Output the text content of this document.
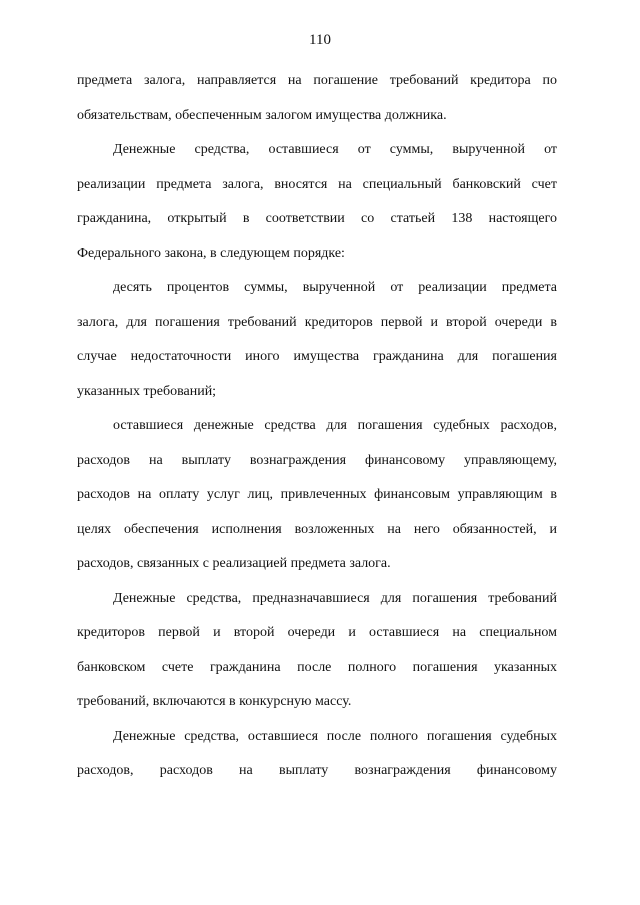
110
предмета залога, направляется на погашение требований кредитора по
обязательствам, обеспеченным залогом имущества должника.
Денежные средства, оставшиеся от суммы, вырученной от
реализации предмета залога, вносятся на специальный банковский счет
гражданина, открытый в соответствии со статьей 138 настоящего
Федерального закона, в следующем порядке:
десять процентов суммы, вырученной от реализации предмета
залога, для погашения требований кредиторов первой и второй очереди в
случае недостаточности иного имущества гражданина для погашения
указанных требований;
оставшиеся денежные средства для погашения судебных расходов,
расходов на выплату вознаграждения финансовому управляющему,
расходов на оплату услуг лиц, привлеченных финансовым управляющим в
целях обеспечения исполнения возложенных на него обязанностей, и
расходов, связанных с реализацией предмета залога.
Денежные средства, предназначавшиеся для погашения требований
кредиторов первой и второй очереди и оставшиеся на специальном
банковском счете гражданина после полного погашения указанных
требований, включаются в конкурсную массу.
Денежные средства, оставшиеся после полного погашения судебных
расходов, расходов на выплату вознаграждения финансовому
